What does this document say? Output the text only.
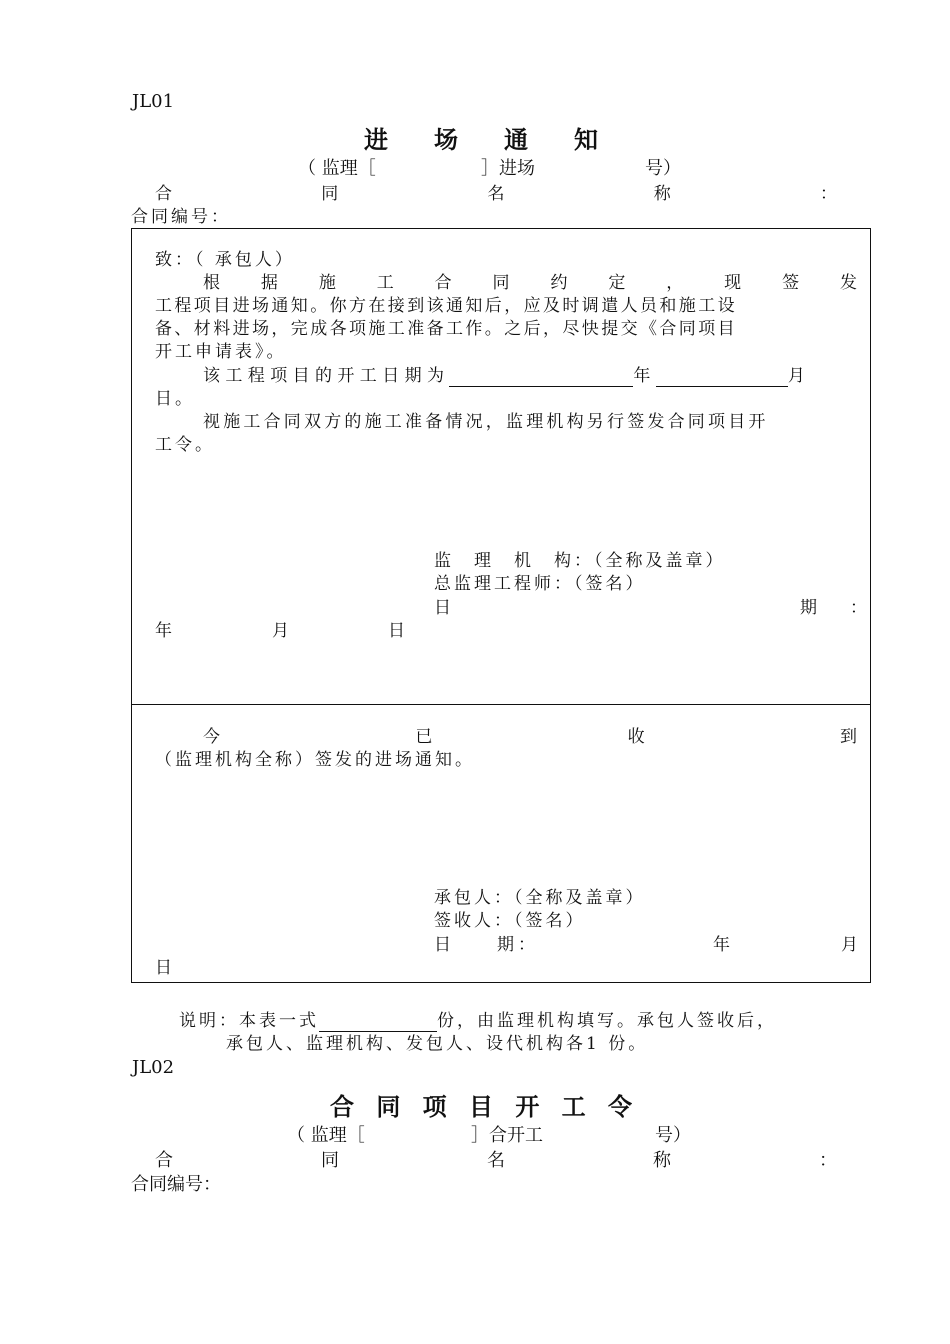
JL01
进 场 通 知
（ 监理［	］进场	号）
合	同	名	称	：
合同编号：
致：（ 承包人）
根 据 施 工 合 同 约 定 ， 现 签 发
工程项目进场通知。你方在接到该通知后，应及时调遣人员和施工设
备、材料进场，完成各项施工准备工作。之后，尽快提交《合同项目
开工申请表》。
该工程项目的开工日期为	年	月
日。
视施工合同双方的施工准备情况，监理机构另行签发合同项目开
工令。
监　理　机　构：（全称及盖章）
总监理工程师：（签名）
日	期　：
年	月	日
今	已	收	到
（监理机构全称）签发的进场通知。
承包人：（全称及盖章）
签收人：（签名）
日　　期：	年	月
日
说明：本表一式	份，由监理机构填写。承包人签收后，
承包人、监理机构、发包人、设代机构各1 份。
JL02
合 同 项 目 开 工 令
（ 监理［	］合开工	号）
合	同	名	称	：
合同编号：
